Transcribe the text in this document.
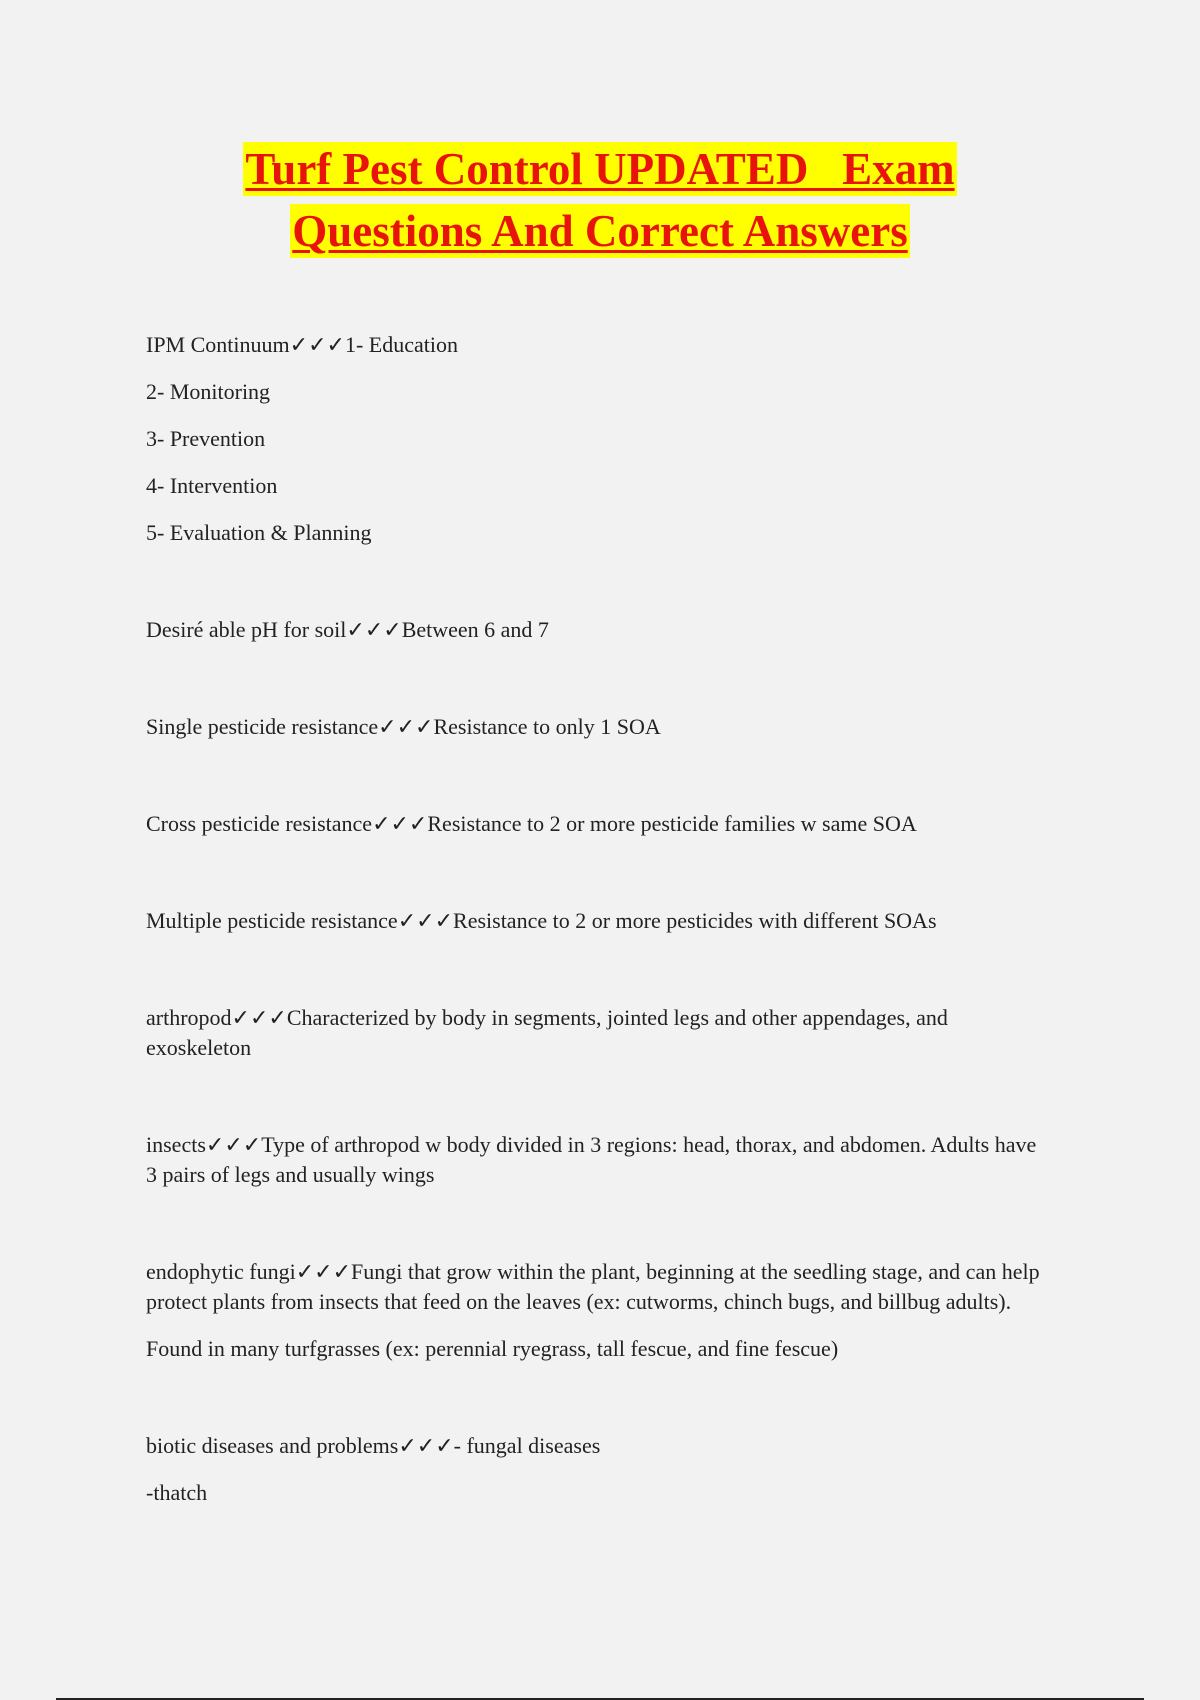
Turf Pest Control UPDATED   Exam
Questions And Correct Answers

IPM Continuum✓✓✓1- Education

2- Monitoring

3- Prevention

4- Intervention

5- Evaluation & Planning

Desiré able pH for soil✓✓✓Between 6 and 7

Single pesticide resistance✓✓✓Resistance to only 1 SOA

Cross pesticide resistance✓✓✓Resistance to 2 or more pesticide families w same SOA

Multiple pesticide resistance✓✓✓Resistance to 2 or more pesticides with different SOAs

arthropod✓✓✓Characterized by body in segments, jointed legs and other appendages, and exoskeleton

insects✓✓✓Type of arthropod w body divided in 3 regions: head, thorax, and abdomen. Adults have 3 pairs of legs and usually wings

endophytic fungi✓✓✓Fungi that grow within the plant, beginning at the seedling stage, and can help protect plants from insects that feed on the leaves (ex: cutworms, chinch bugs, and billbug adults).

Found in many turfgrasses (ex: perennial ryegrass, tall fescue, and fine fescue)

biotic diseases and problems✓✓✓- fungal diseases

-thatch
